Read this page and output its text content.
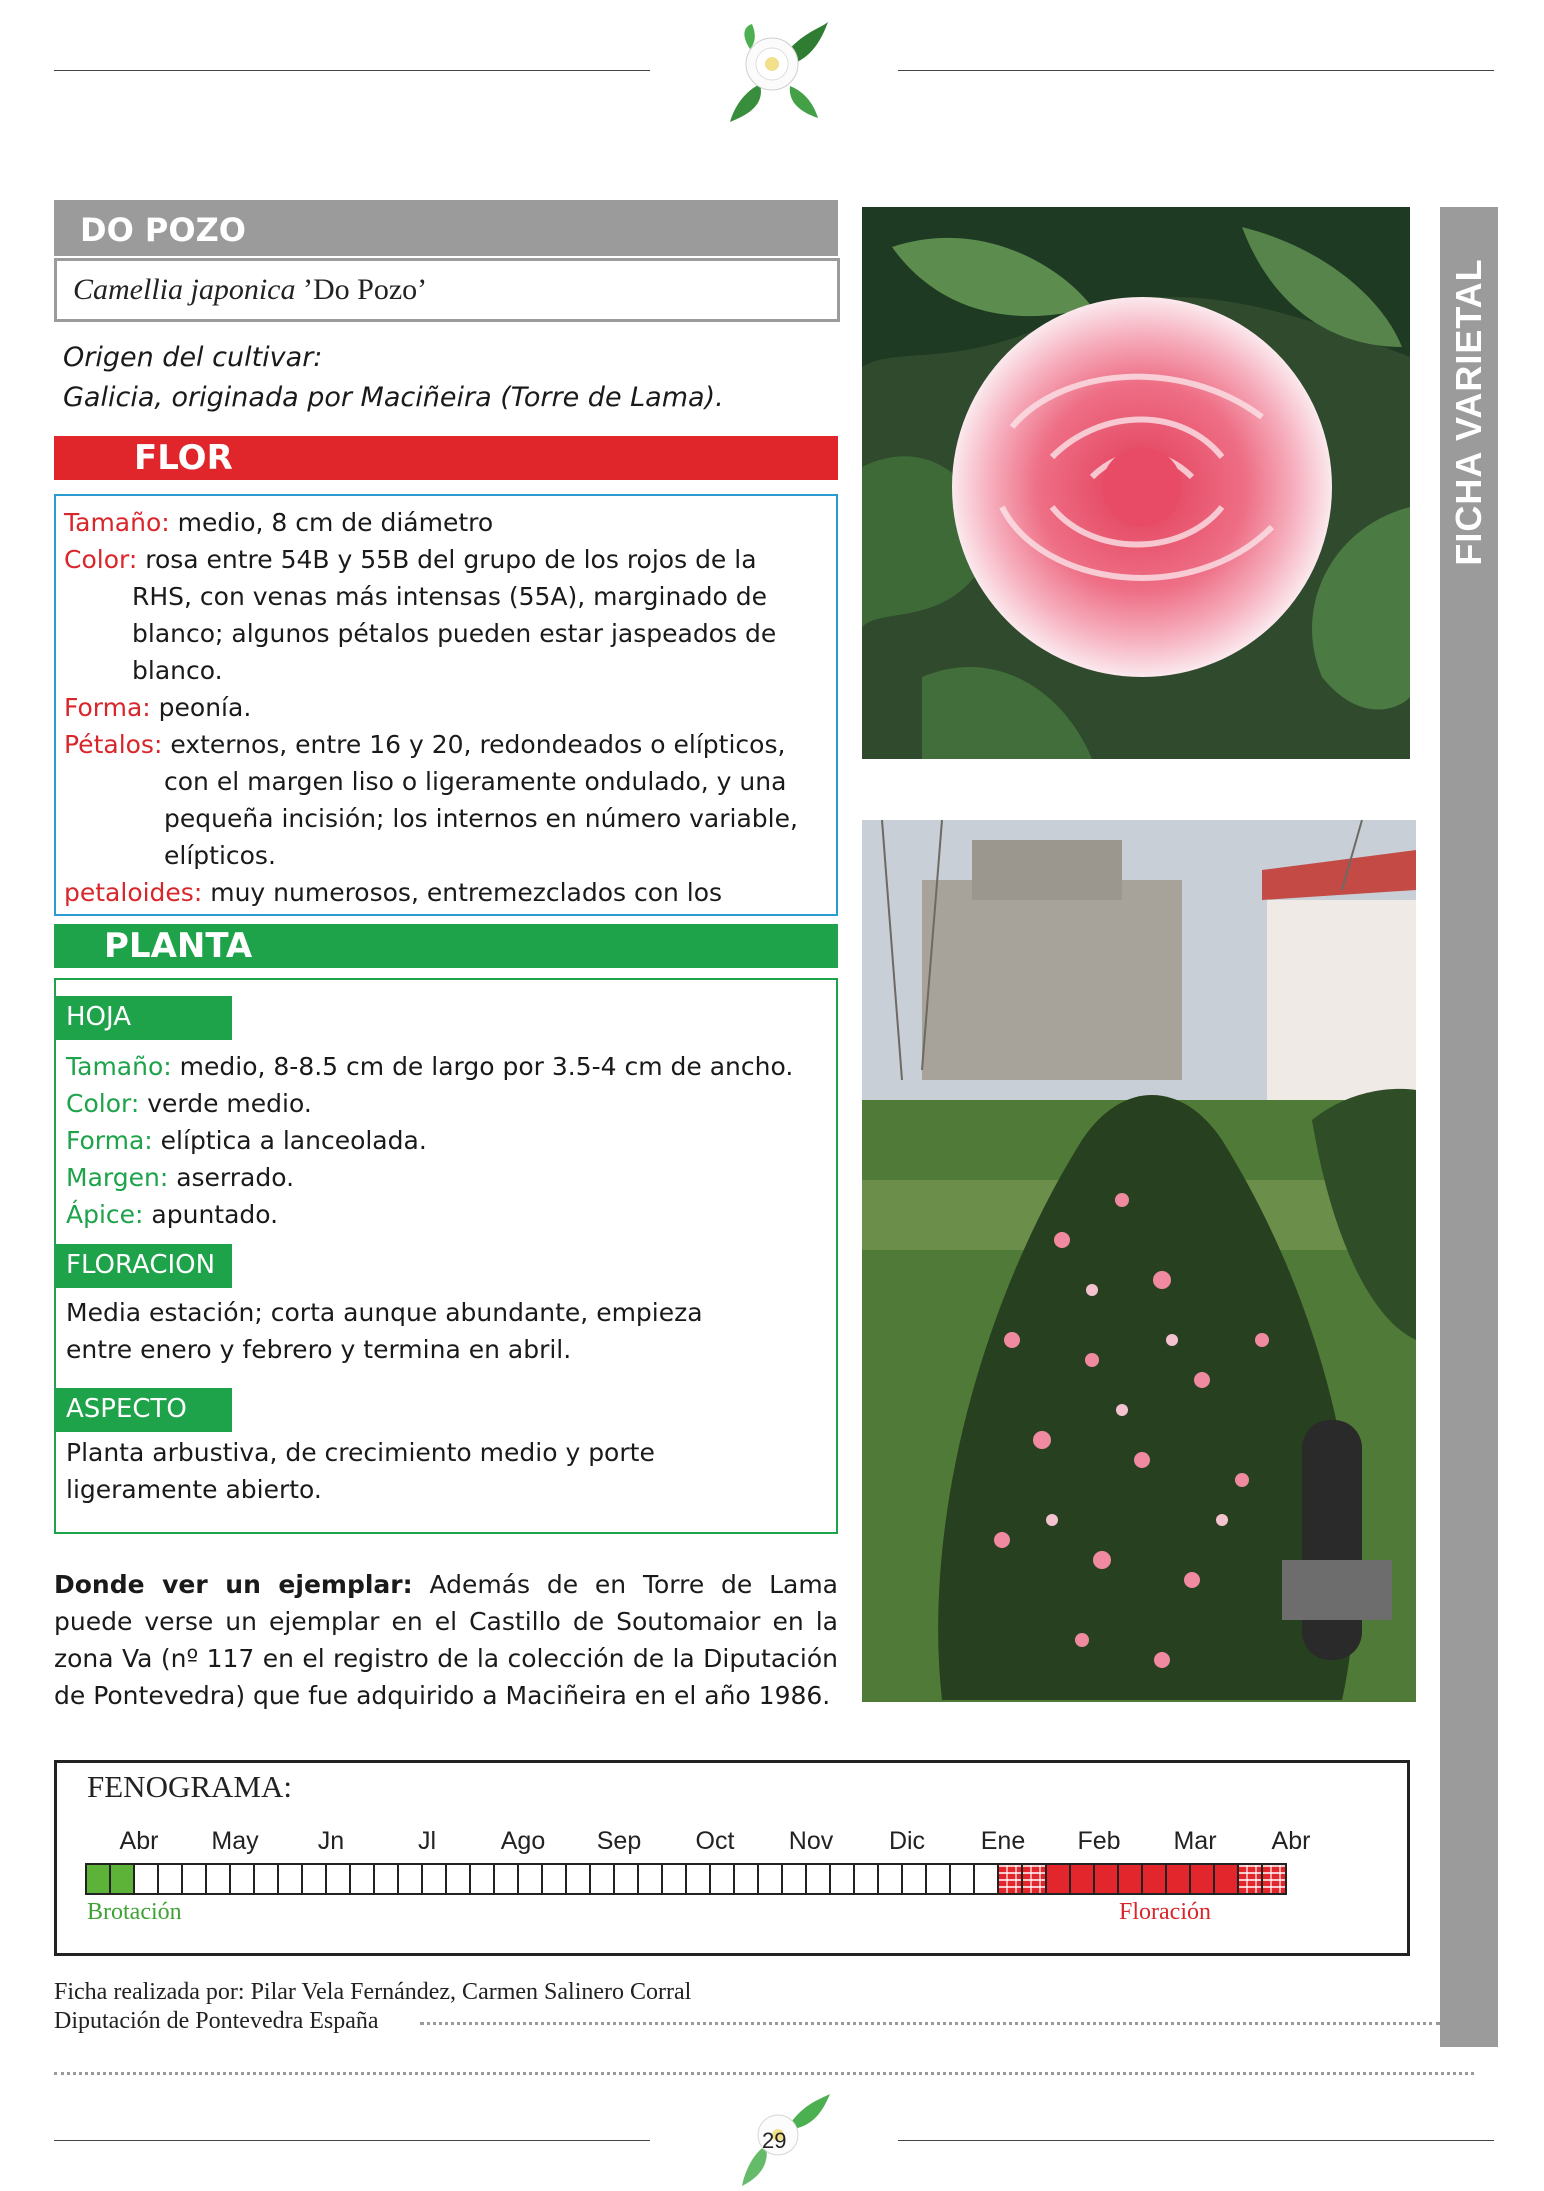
DO POZO
Camellia japonica ’Do Pozo’
Origen del cultivar:
Galicia, originada por Maciñeira (Torre de Lama).
FLOR
Tamaño: medio, 8 cm de diámetro
Color: rosa entre 54B y 55B del grupo de los rojos de la
RHS, con venas más intensas (55A), marginado de
blanco; algunos pétalos pueden estar jaspeados de
blanco.
Forma: peonía.
Pétalos: externos, entre 16 y 20, redondeados o elípticos,
con el margen liso o ligeramente ondulado, y una
pequeña incisión; los internos en número variable,
elípticos.
petaloides: muy numerosos, entremezclados con los
PLANTA
HOJA
Tamaño: medio, 8-8.5 cm de largo por 3.5-4 cm de ancho.
Color: verde medio.
Forma: elíptica a lanceolada.
Margen: aserrado.
Ápice: apuntado.
FLORACION
Media estación; corta aunque abundante, empieza
entre enero y febrero y termina en abril.
ASPECTO
Planta arbustiva, de crecimiento medio y porte
ligeramente abierto.
Donde ver un ejemplar: Además de en Torre de Lama puede verse un ejemplar en el Castillo de Soutomaior en la zona Va (nº 117 en el registro de la colección de la Diputación de Pontevedra) que fue adquirido a Maciñeira en el año 1986.
FENOGRAMA:
Abr	May	Jn	Jl	Ago	Sep	Oct	Nov	Dic	Ene	Feb	Mar	Abr
Brotación	Floración
Ficha realizada por: Pilar Vela Fernández, Carmen Salinero Corral
Diputación de Pontevedra España
FICHA VARIETAL
29
